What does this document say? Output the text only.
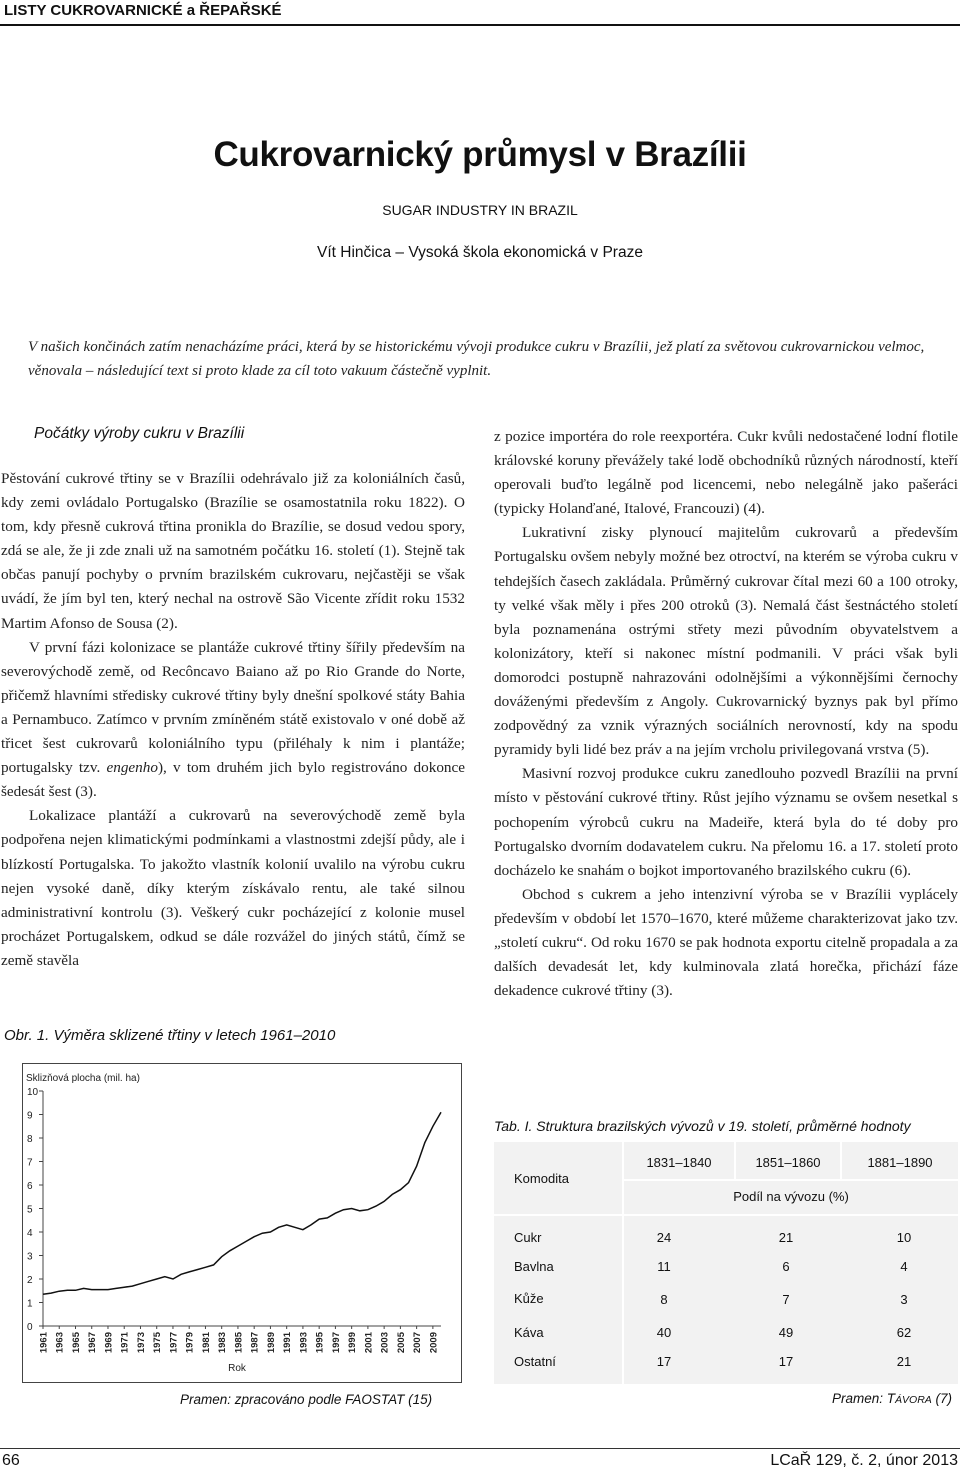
LISTY CUKROVARNICKÉ a ŘEPAŘSKÉ
Cukrovarnický průmysl v Brazílii
SUGAR INDUSTRY IN BRAZIL
Vít Hinčica – Vysoká škola ekonomická v Praze
V našich končinách zatím nenacházíme práci, která by se historickému vývoji produkce cukru v Brazílii, jež platí za světovou cukrovarnickou velmoc, věnovala – následující text si proto klade za cíl toto vakuum částečně vyplnit.
Počátky výroby cukru v Brazílii

Pěstování cukrové třtiny se v Brazílii odehrávalo již za koloniálních časů, kdy zemi ovládalo Portugalsko (Brazílie se osamostatnila roku 1822). O tom, kdy přesně cukrová třtina pronikla do Brazílie, se dosud vedou spory, zdá se ale, že ji zde znali už na samotném počátku 16. století (1). Stejně tak občas panují pochyby o prvním brazilském cukrovaru, nejčastěji se však uvádí, že jím byl ten, který nechal na ostrově São Vicente zřídit roku 1532 Martim Afonso de Sousa (2).

V první fázi kolonizace se plantáže cukrové třtiny šířily především na severovýchodě země, od Recôncavo Baiano až po Rio Grande do Norte, přičemž hlavními středisky cukrové třtiny byly dnešní spolkové státy Bahia a Pernambuco. Zatímco v prvním zmíněném státě existovalo v oné době až třicet šest cukrovarů koloniálního typu (přiléhaly k nim i plantáže; portugalsky tzv. engenho), v tom druhém jich bylo registrováno dokonce šedesát šest (3).

Lokalizace plantáží a cukrovarů na severovýchodě země byla podpořena nejen klimatickými podmínkami a vlastnostmi zdejší půdy, ale i blízkostí Portugalska. To jakožto vlastník kolonií uvalilo na výrobu cukru nejen vysoké daně, díky kterým získávalo rentu, ale také silnou administrativní kontrolu (3). Veškerý cukr pocházející z kolonie musel procházet Portugalskem, odkud se dále rozvážel do jiných států, čímž se země stavěla

z pozice importéra do role reexportéra. Cukr kvůli nedostačené lodní flotile královské koruny převážely také lodě obchodníků různých národností, kteří operovali buďto legálně pod licencemi, nebo nelegálně jako pašeráci (typicky Holanďané, Italové, Francouzi) (4).

Lukrativní zisky plynoucí majitelům cukrovarů a především Portugalsku ovšem nebyly možné bez otroctví, na kterém se výroba cukru v tehdejších časech zakládala. Průměrný cukrovar čítal mezi 60 a 100 otroky, ty velké však měly i přes 200 otroků (3). Nemalá část šestnáctého století byla poznamenána ostrými střety mezi původním obyvatelstvem a kolonizátory, kteří si nakonec místní podmanili. V práci však byli domorodci postupně nahrazováni odolnějšími a výkonnějšími černochy dováženými především z Angoly. Cukrovarnický byznys pak byl přímo zodpovědný za vznik výrazných sociálních nerovností, kdy na spodu pyramidy byli lidé bez práv a na jejím vrcholu privilegovaná vrstva (5).

Masivní rozvoj produkce cukru zanedlouho pozvedl Brazílii na první místo v pěstování cukrové třtiny. Růst jejího významu se ovšem nesetkal s pochopením výrobců cukru na Madeiře, která byla do té doby pro Portugalsko dvorním dodavatelem cukru. Na přelomu 16. a 17. století proto docházelo ke snahám o bojkot importovaného brazilského cukru (6).

Obchod s cukrem a jeho intenzivní výroba se v Brazílii vyplácely především v období let 1570–1670, které můžeme charakterizovat jako tzv. „století cukru“. Od roku 1670 se pak hodnota exportu citelně propadala a za dalších devadesát let, kdy kulminovala zlatá horečka, přichází fáze dekadence cukrové třtiny (3).

Obr. 1. Výměra sklizené třtiny v letech 1961–2010
0
1
2
3
4
5
6
7
8
9
10
1961 1963 1965 1967 1969 1971 1973 1975 1977 1979 1981 1983 1985 1987 1989 1991 1993 1995 1997 1999 2001 2003 2005 2007 2009
Sklizňová plocha (mil. ha)
Rok
Pramen: zpracováno podle FAOSTAT (15)
Tab. I. Struktura brazilských vývozů v 19. století, průměrné hodnoty
Komodita
1831–1840	1851–1860	1881–1890
Podíl na vývozu (%)
Cukr	24	21	10
Bavlna	11	6	4
Kůže	8	7	3
Káva	40	49	62
Ostatní	17	17	21
Pramen: TÁVORA (7)
66	LCaŘ 129, č. 2, únor 2013
